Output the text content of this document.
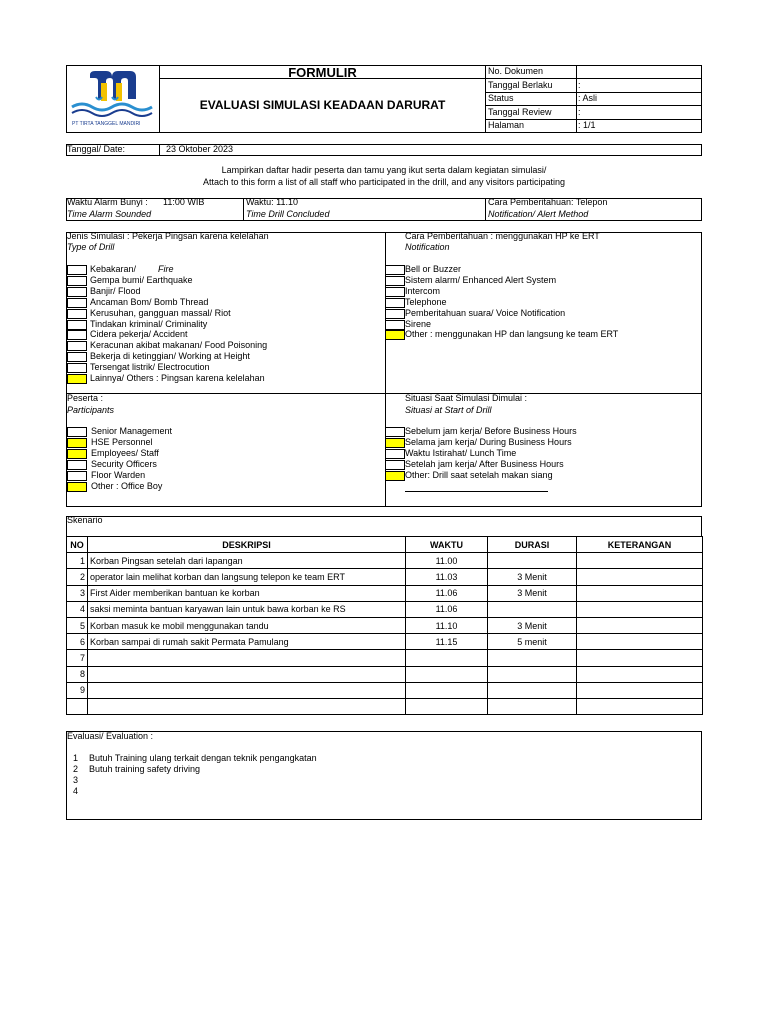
PT TIRTA TANGGEL MANDIRI
FORMULIR
EVALUASI SIMULASI KEADAAN DARURAT
No. Dokumen
Tanggal Berlaku	:
Status	: Asli
Tanggal Review	:
Halaman	: 1/1
Tanggal/ Date:	23 Oktober 2023
Lampirkan daftar hadir peserta dan tamu yang ikut serta dalam kegiatan simulasi/
Attach to this form a list of all staff who participated in the drill, and any visitors participating
Waktu Alarm Bunyi : 11:00 WIB
Time Alarm Sounded
Waktu: 11.10
Time Drill Concluded
Cara Pemberitahuan: Telepon
Notification/ Alert Method
Jenis Simulasi : Pekerja Pingsan karena kelelahan
Type of Drill
Cara Pemberitahuan : menggunakan HP ke ERT
Notification
Kebakaran/ Fire
Gempa bumi/ Earthquake
Banjir/ Flood
Ancaman Bom/ Bomb Thread
Kerusuhan, gangguan massal/ Riot
Tindakan kriminal/ Criminality
Cidera pekerja/ Accident
Keracunan akibat makanan/ Food Poisoning
Bekerja di ketinggian/ Working at Height
Tersengat listrik/ Electrocution
Lainnya/ Others : Pingsan karena kelelahan
Bell or Buzzer
Sistem alarm/ Enhanced Alert System
Intercom
Telephone
Pemberitahuan suara/ Voice Notification
Sirene
Other : menggunakan HP dan langsung ke team ERT
Peserta :
Participants
Situasi Saat Simulasi Dimulai :
Situasi at Start of Drill
Senior Management
HSE Personnel
Employees/ Staff
Security Officers
Floor Warden
Other : Office Boy
Sebelum jam kerja/ Before Business Hours
Selama jam kerja/ During Business Hours
Waktu Istirahat/ Lunch Time
Setelah jam kerja/ After Business Hours
Other: Drill saat setelah makan siang
Skenario
NO	DESKRIPSI	WAKTU	DURASI	KETERANGAN
1	Korban Pingsan setelah dari lapangan	11.00		
2	operator lain melihat korban dan langsung telepon ke team ERT	11.03	3 Menit	
3	First Aider memberikan bantuan ke korban	11.06	3 Menit	
4	saksi meminta bantuan karyawan lain untuk bawa korban ke RS	11.06		
5	Korban masuk ke mobil menggunakan tandu	11.10	3 Menit	
6	Korban sampai di rumah sakit Permata Pamulang	11.15	5 menit	
7				
8				
9				

Evaluasi/ Evaluation :
1 Butuh Training ulang terkait dengan teknik pengangkatan
2 Butuh training safety driving
3
4
